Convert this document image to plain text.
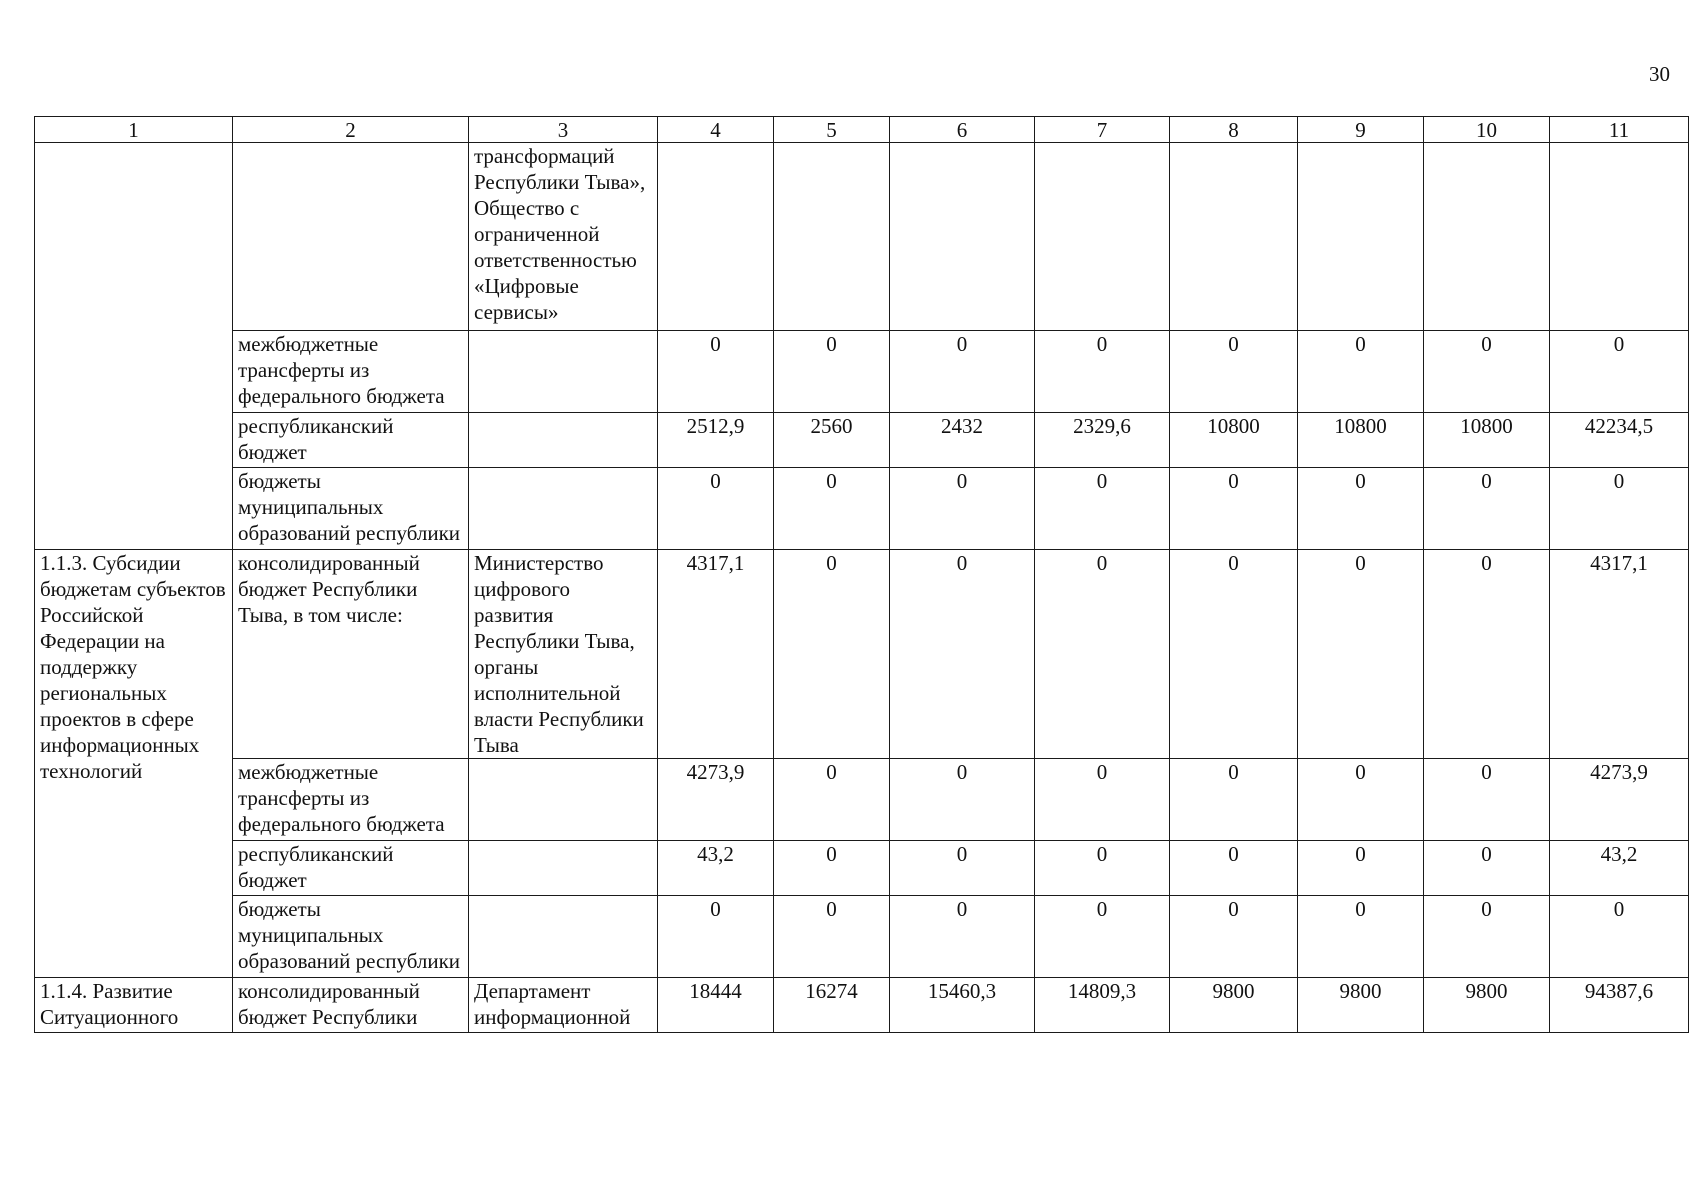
30
1	2	3	4	5	6	7	8	9	10	11
		трансформаций Республики Тыва», Общество с ограниченной ответственностью «Цифровые сервисы»								
	межбюджетные трансферты из федерального бюджета		0	0	0	0	0	0	0	0
	республиканский бюджет		2512,9	2560	2432	2329,6	10800	10800	10800	42234,5
	бюджеты муниципальных образований республики		0	0	0	0	0	0	0	0
1.1.3. Субсидии бюджетам субъектов Российской Федерации на поддержку региональных проектов в сфере информационных технологий	консолидированный бюджет Республики Тыва, в том числе:	Министерство цифрового развития Республики Тыва, органы исполнительной власти Республики Тыва	4317,1	0	0	0	0	0	0	4317,1
	межбюджетные трансферты из федерального бюджета		4273,9	0	0	0	0	0	0	4273,9
	республиканский бюджет		43,2	0	0	0	0	0	0	43,2
	бюджеты муниципальных образований республики		0	0	0	0	0	0	0	0
1.1.4. Развитие Ситуационного	консолидированный бюджет Республики	Департамент информационной	18444	16274	15460,3	14809,3	9800	9800	9800	94387,6
